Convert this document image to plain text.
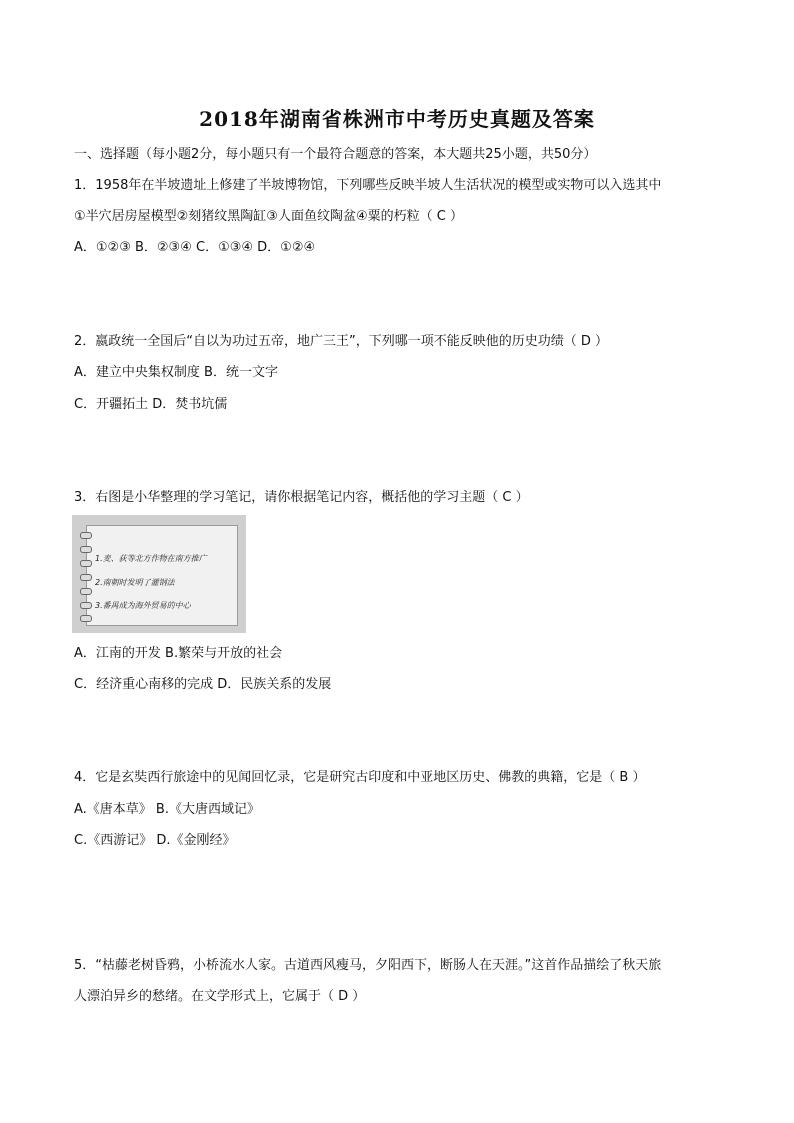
2018年湖南省株洲市中考历史真题及答案
一、选择题（每小题2分，每小题只有一个最符合题意的答案，本大题共25小题，共50分）
1．1958年在半坡遗址上修建了半坡博物馆，下列哪些反映半坡人生活状况的模型或实物可以入选其中
①半穴居房屋模型②刻猪纹黑陶缸③人面鱼纹陶盆④粟的朽粒（ C ）
A．①②③ B．②③④ C．①③④ D．①②④
2．嬴政统一全国后“自以为功过五帝，地广三王”，下列哪一项不能反映他的历史功绩（ D ）
A．建立中央集权制度 B．统一文字
C．开疆拓土 D．焚书坑儒
3．右图是小华整理的学习笔记，请你根据笔记内容，概括他的学习主题（ C ）
1.麦、荻等北方作物在南方推广
2.南朝时发明了灌钢法
3.番禺成为海外贸易的中心
A．江南的开发 B.繁荣与开放的社会
C．经济重心南移的完成 D．民族关系的发展
4．它是玄奘西行旅途中的见闻回忆录，它是研究古印度和中亚地区历史、佛教的典籍，它是（ B ）
A.《唐本草》 B.《大唐西域记》
C.《西游记》 D.《金刚经》
5．“枯藤老树昏鸦，小桥流水人家。古道西风瘦马，夕阳西下，断肠人在天涯。”这首作品描绘了秋天旅
人漂泊异乡的愁绪。在文学形式上，它属于（ D ）
